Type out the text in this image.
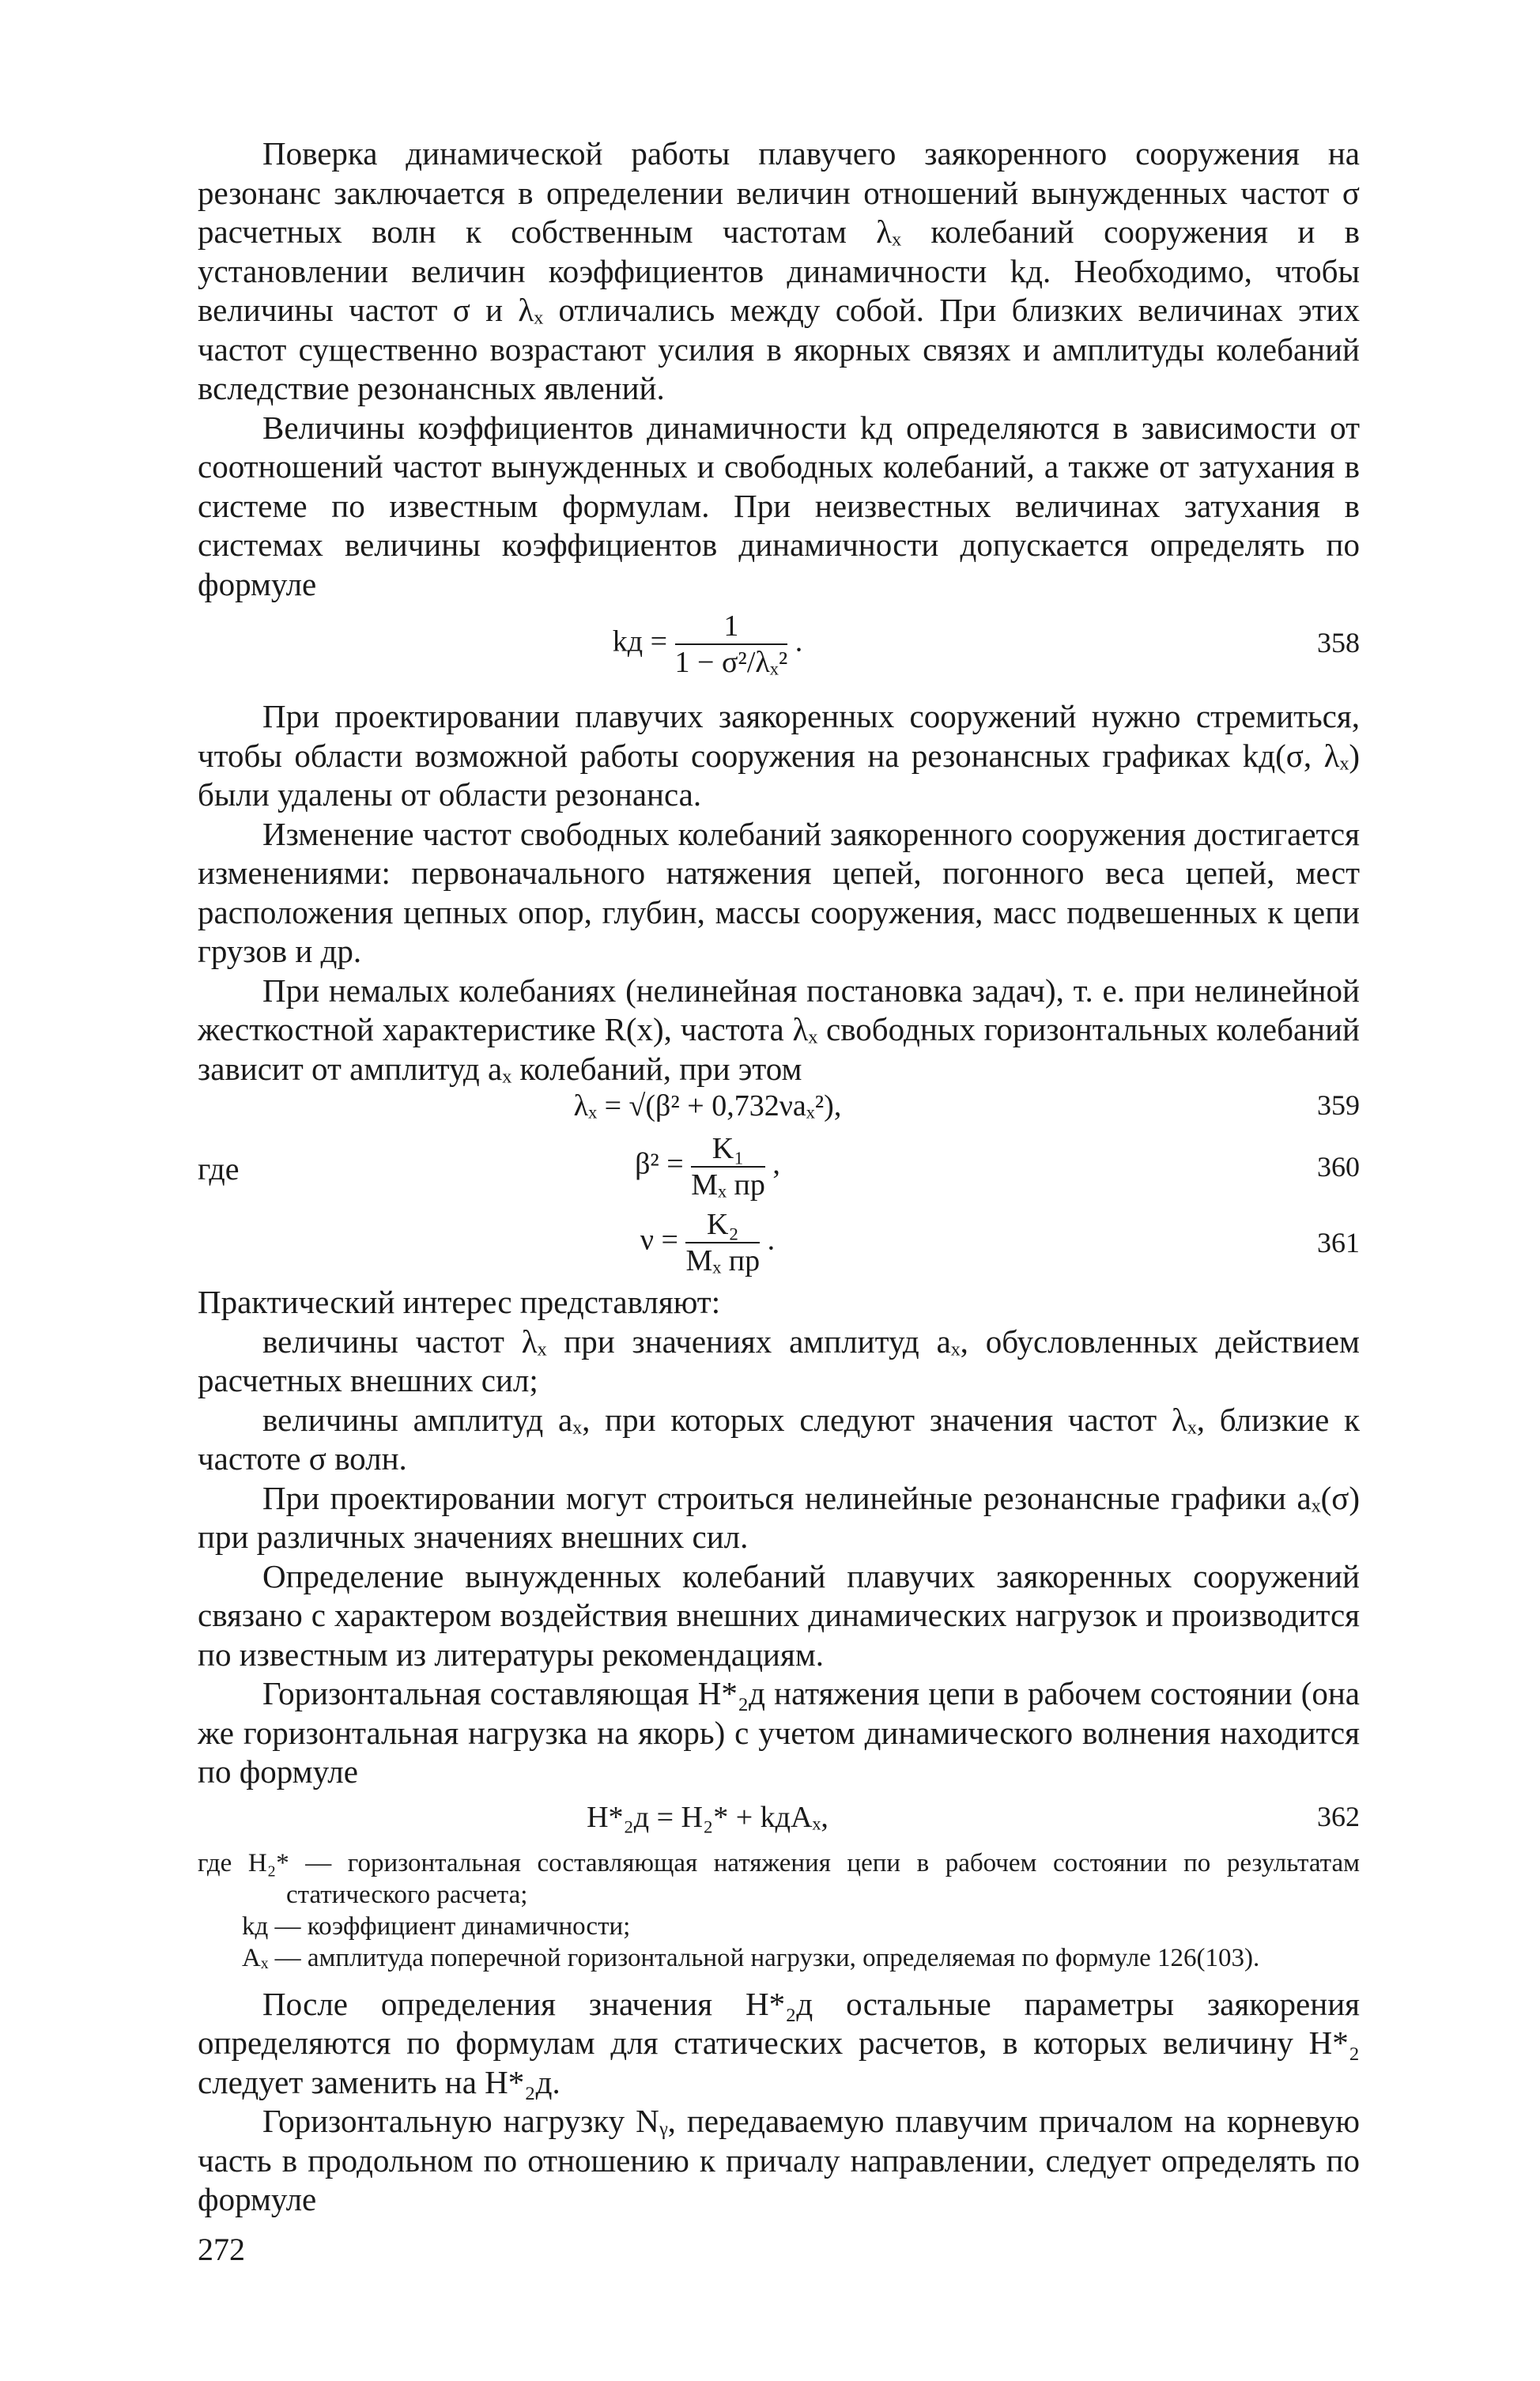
Поверка динамической работы плавучего заякоренного сооружения на резонанс заключается в определении величин отношений вынужденных частот σ расчетных волн к собственным частотам λₓ колебаний сооружения и в установлении величин коэффициентов динамичности kд. Необходимо, чтобы величины частот σ и λₓ отличались между собой. При близких величинах этих частот существенно возрастают усилия в якорных связях и амплитуды колебаний вследствие резонансных явлений.

Величины коэффициентов динамичности kд определяются в зависимости от соотношений частот вынужденных и свободных колебаний, а также от затухания в системе по известным формулам. При неизвестных величинах затухания в системах величины коэффициентов динамичности допускается определять по формуле

kд = $\frac{1}{\text{1 − σ²/λₓ²}}$ .	358

При проектировании плавучих заякоренных сооружений нужно стремиться, чтобы области возможной работы сооружения на резонансных графиках kд(σ, λₓ) были удалены от области резонанса.

Изменение частот свободных колебаний заякоренного сооружения достигается изменениями: первоначального натяжения цепей, погонного веса цепей, мест расположения цепных опор, глубин, массы сооружения, масс подвешенных к цепи грузов и др.

При немалых колебаниях (нелинейная постановка задач), т. е. при нелинейной жесткостной характеристике R(x), частота λₓ свободных горизонтальных колебаний зависит от амплитуд aₓ колебаний, при этом

λₓ = √(β² + 0,732νaₓ²),	359
где	$\beta^2 = \frac{\text{K₁}}{\text{Mₓ пр}}$ ,	360
$\nu = \frac{\text{K₂}}{\text{Mₓ пр}}$ .	361

Практический интерес представляют:

величины частот λₓ при значениях амплитуд aₓ, обусловленных действием расчетных внешних сил;

величины амплитуд aₓ, при которых следуют значения частот λₓ, близкие к частоте σ волн.

При проектировании могут строиться нелинейные резонансные графики aₓ(σ) при различных значениях внешних сил.

Определение вынужденных колебаний плавучих заякоренных сооружений связано с характером воздействия внешних динамических нагрузок и производится по известным из литературы рекомендациям.

Горизонтальная составляющая H*₂д натяжения цепи в рабочем состоянии (она же горизонтальная нагрузка на якорь) с учетом динамического волнения находится по формуле

H*₂д = H₂* + kдAₓ,	362

где H₂* — горизонтальная составляющая натяжения цепи в рабочем состоянии по результатам статического расчета;

kд — коэффициент динамичности;

Aₓ — амплитуда поперечной горизонтальной нагрузки, определяемая по формуле 126(103).

После определения значения H*₂д остальные параметры заякорения определяются по формулам для статических расчетов, в которых величину H*₂ следует заменить на H*₂д.

Горизонтальную нагрузку Nᵧ, передаваемую плавучим причалом на корневую часть в продольном по отношению к причалу направлении, следует определять по формуле

272
